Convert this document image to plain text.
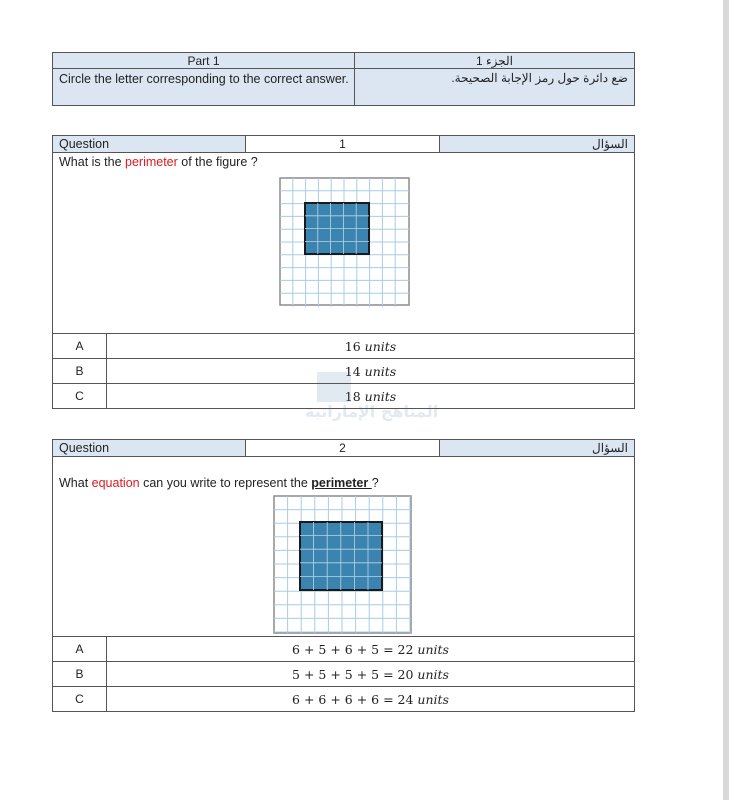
Part 1	الجزء 1
Circle the letter corresponding to the correct answer.	ضع دائرة حول رمز الإجابة الصحيحة.
Question		1	السؤال

What is the perimeter of the figure ?			

A	16 units		
B	14 units		
C	18 units		
Question		2	السؤال

What equation can you write to represent the perimeter ?			

A	6 + 5 + 6 + 5 = 22 units		
B	5 + 5 + 5 + 5 = 20 units		
C	6 + 6 + 6 + 6 = 24 units		
المناهج الإماراتية
